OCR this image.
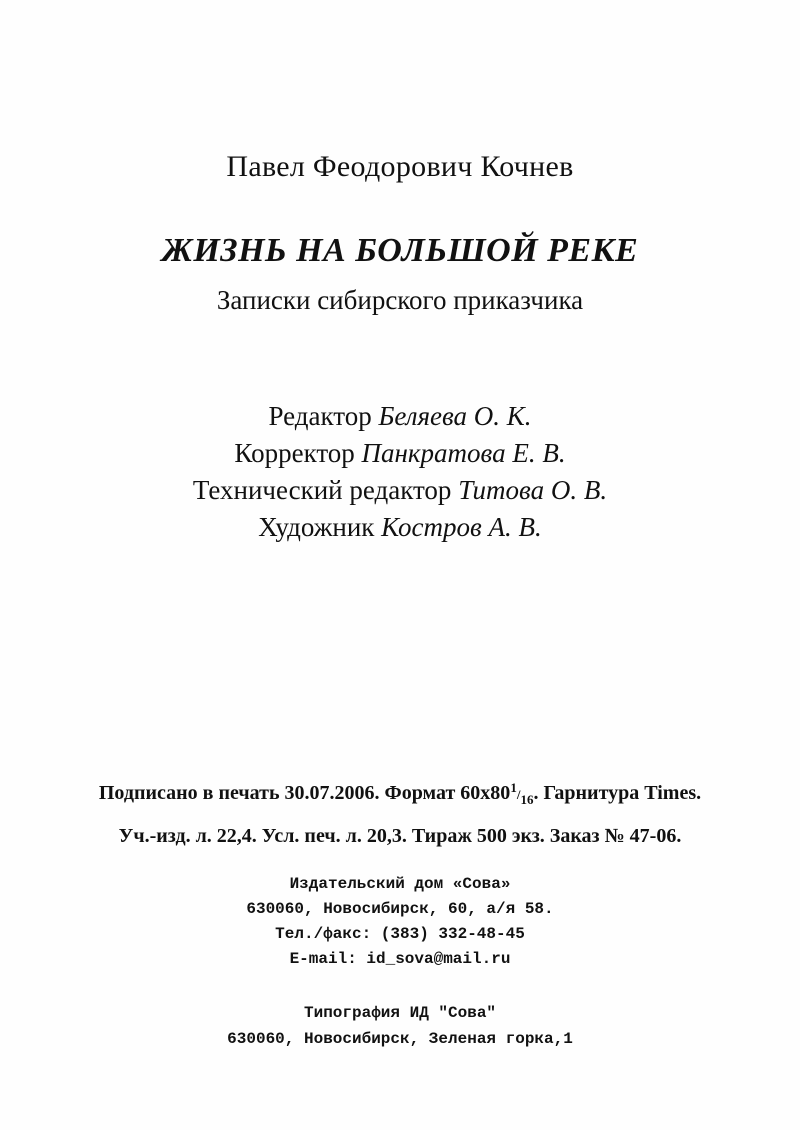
Павел Феодорович Кочнев
ЖИЗНЬ НА БОЛЬШОЙ РЕКЕ
Записки сибирского приказчика
Редактор Беляева О. К.
Корректор Панкратова Е. В.
Технический редактор Титова О. В.
Художник Костров А. В.
Подписано в печать 30.07.2006. Формат $60x80^1/_{16}$. Гарнитура Times.
Уч.-изд. л. 22,4. Усл. печ. л. 20,3. Тираж 500 экз. Заказ № 47-06.
Издательский дом «Сова»
630060, Новосибирск, 60, а/я 58.
Тел./факс: (383) 332-48-45
E-mail: id_sova@mail.ru
Типография ИД "Сова"
630060, Новосибирск, Зеленая горка,1
